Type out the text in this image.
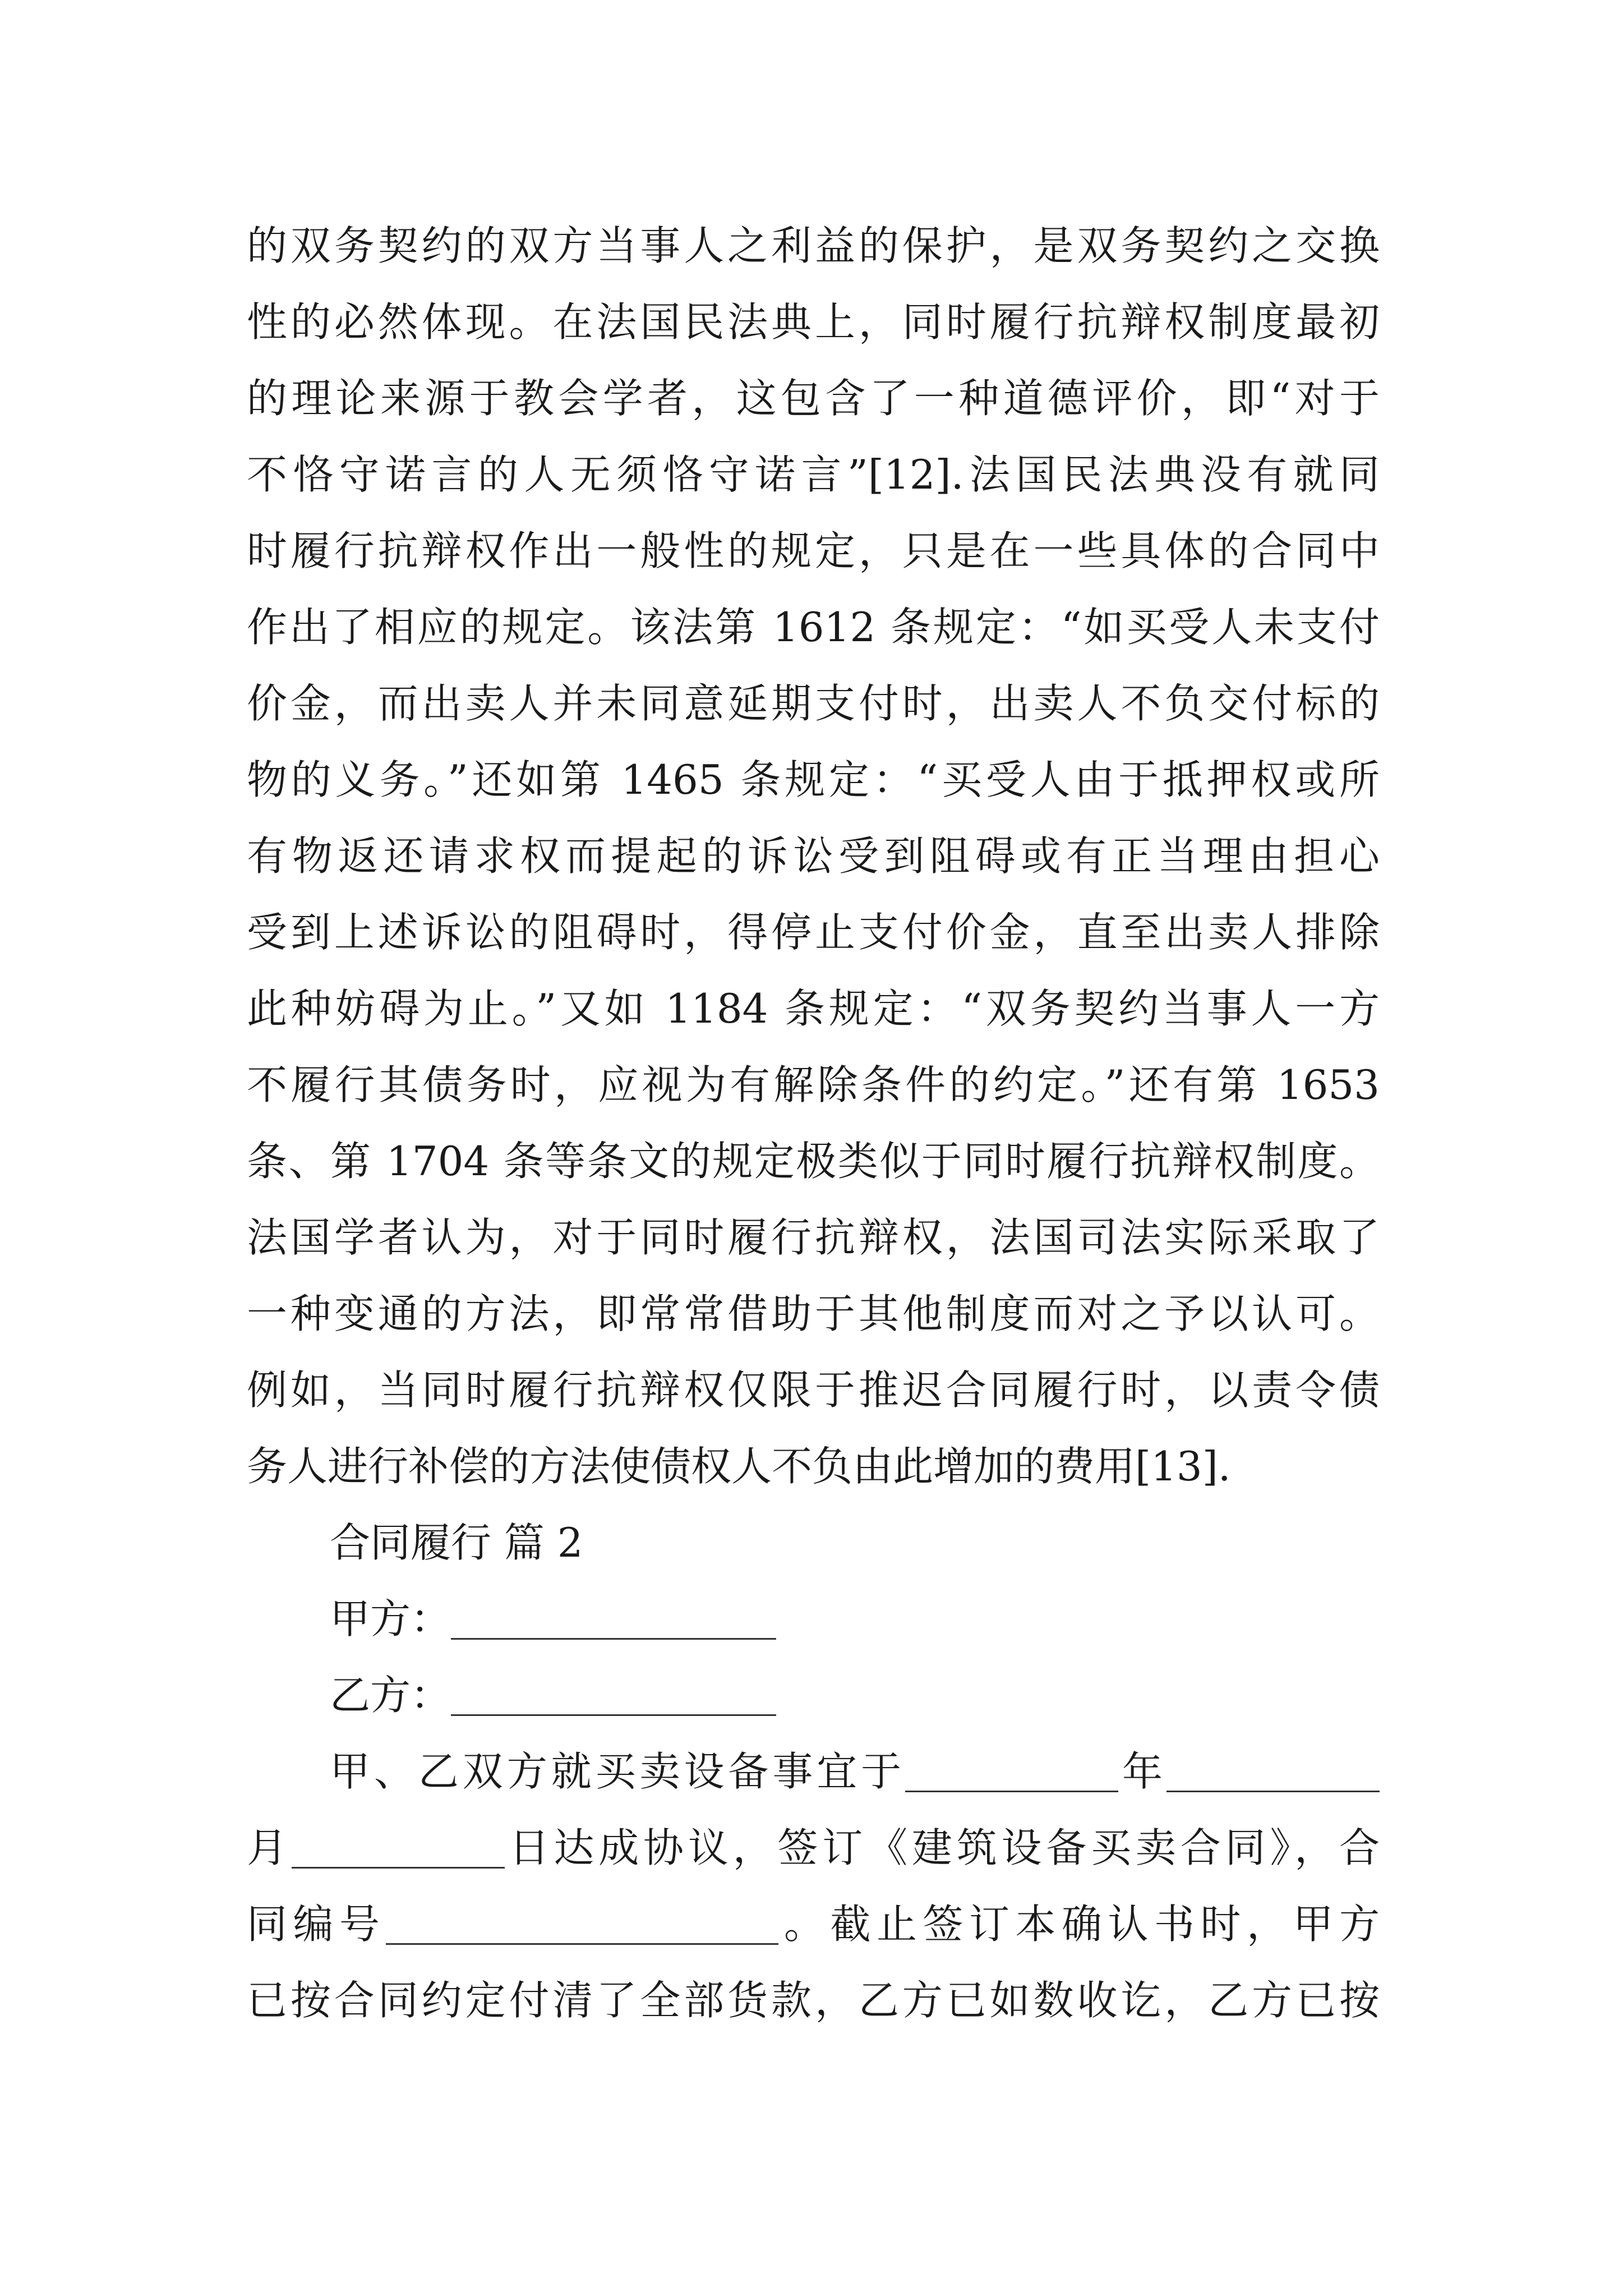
的双务契约的双方当事人之利益的保护，是双务契约之交换
性的必然体现。在法国民法典上，同时履行抗辩权制度最初
的理论来源于教会学者，这包含了一种道德评价，即“对于
不恪守诺言的人无须恪守诺言”[12].法国民法典没有就同
时履行抗辩权作出一般性的规定，只是在一些具体的合同中
作出了相应的规定。该法第 1612 条规定：“如买受人未支付
价金，而出卖人并未同意延期支付时，出卖人不负交付标的
物的义务。”还如第 1465 条规定：“买受人由于抵押权或所
有物返还请求权而提起的诉讼受到阻碍或有正当理由担心
受到上述诉讼的阻碍时，得停止支付价金，直至出卖人排除
此种妨碍为止。”又如 1184 条规定：“双务契约当事人一方
不履行其债务时，应视为有解除条件的约定。”还有第 1653
条、第 1704 条等条文的规定极类似于同时履行抗辩权制度。
法国学者认为，对于同时履行抗辩权，法国司法实际采取了
一种变通的方法，即常常借助于其他制度而对之予以认可。
例如，当同时履行抗辩权仅限于推迟合同履行时，以责令债
务人进行补偿的方法使债权人不负由此增加的费用[13].
合同履行 篇 2
甲方：
乙方：
甲、乙双方就买卖设备事宜于	年
月	日达成协议，签订《建筑设备买卖合同》，合
同编号	。截止签订本确认书时，甲方
已按合同约定付清了全部货款，乙方已如数收讫，乙方已按
